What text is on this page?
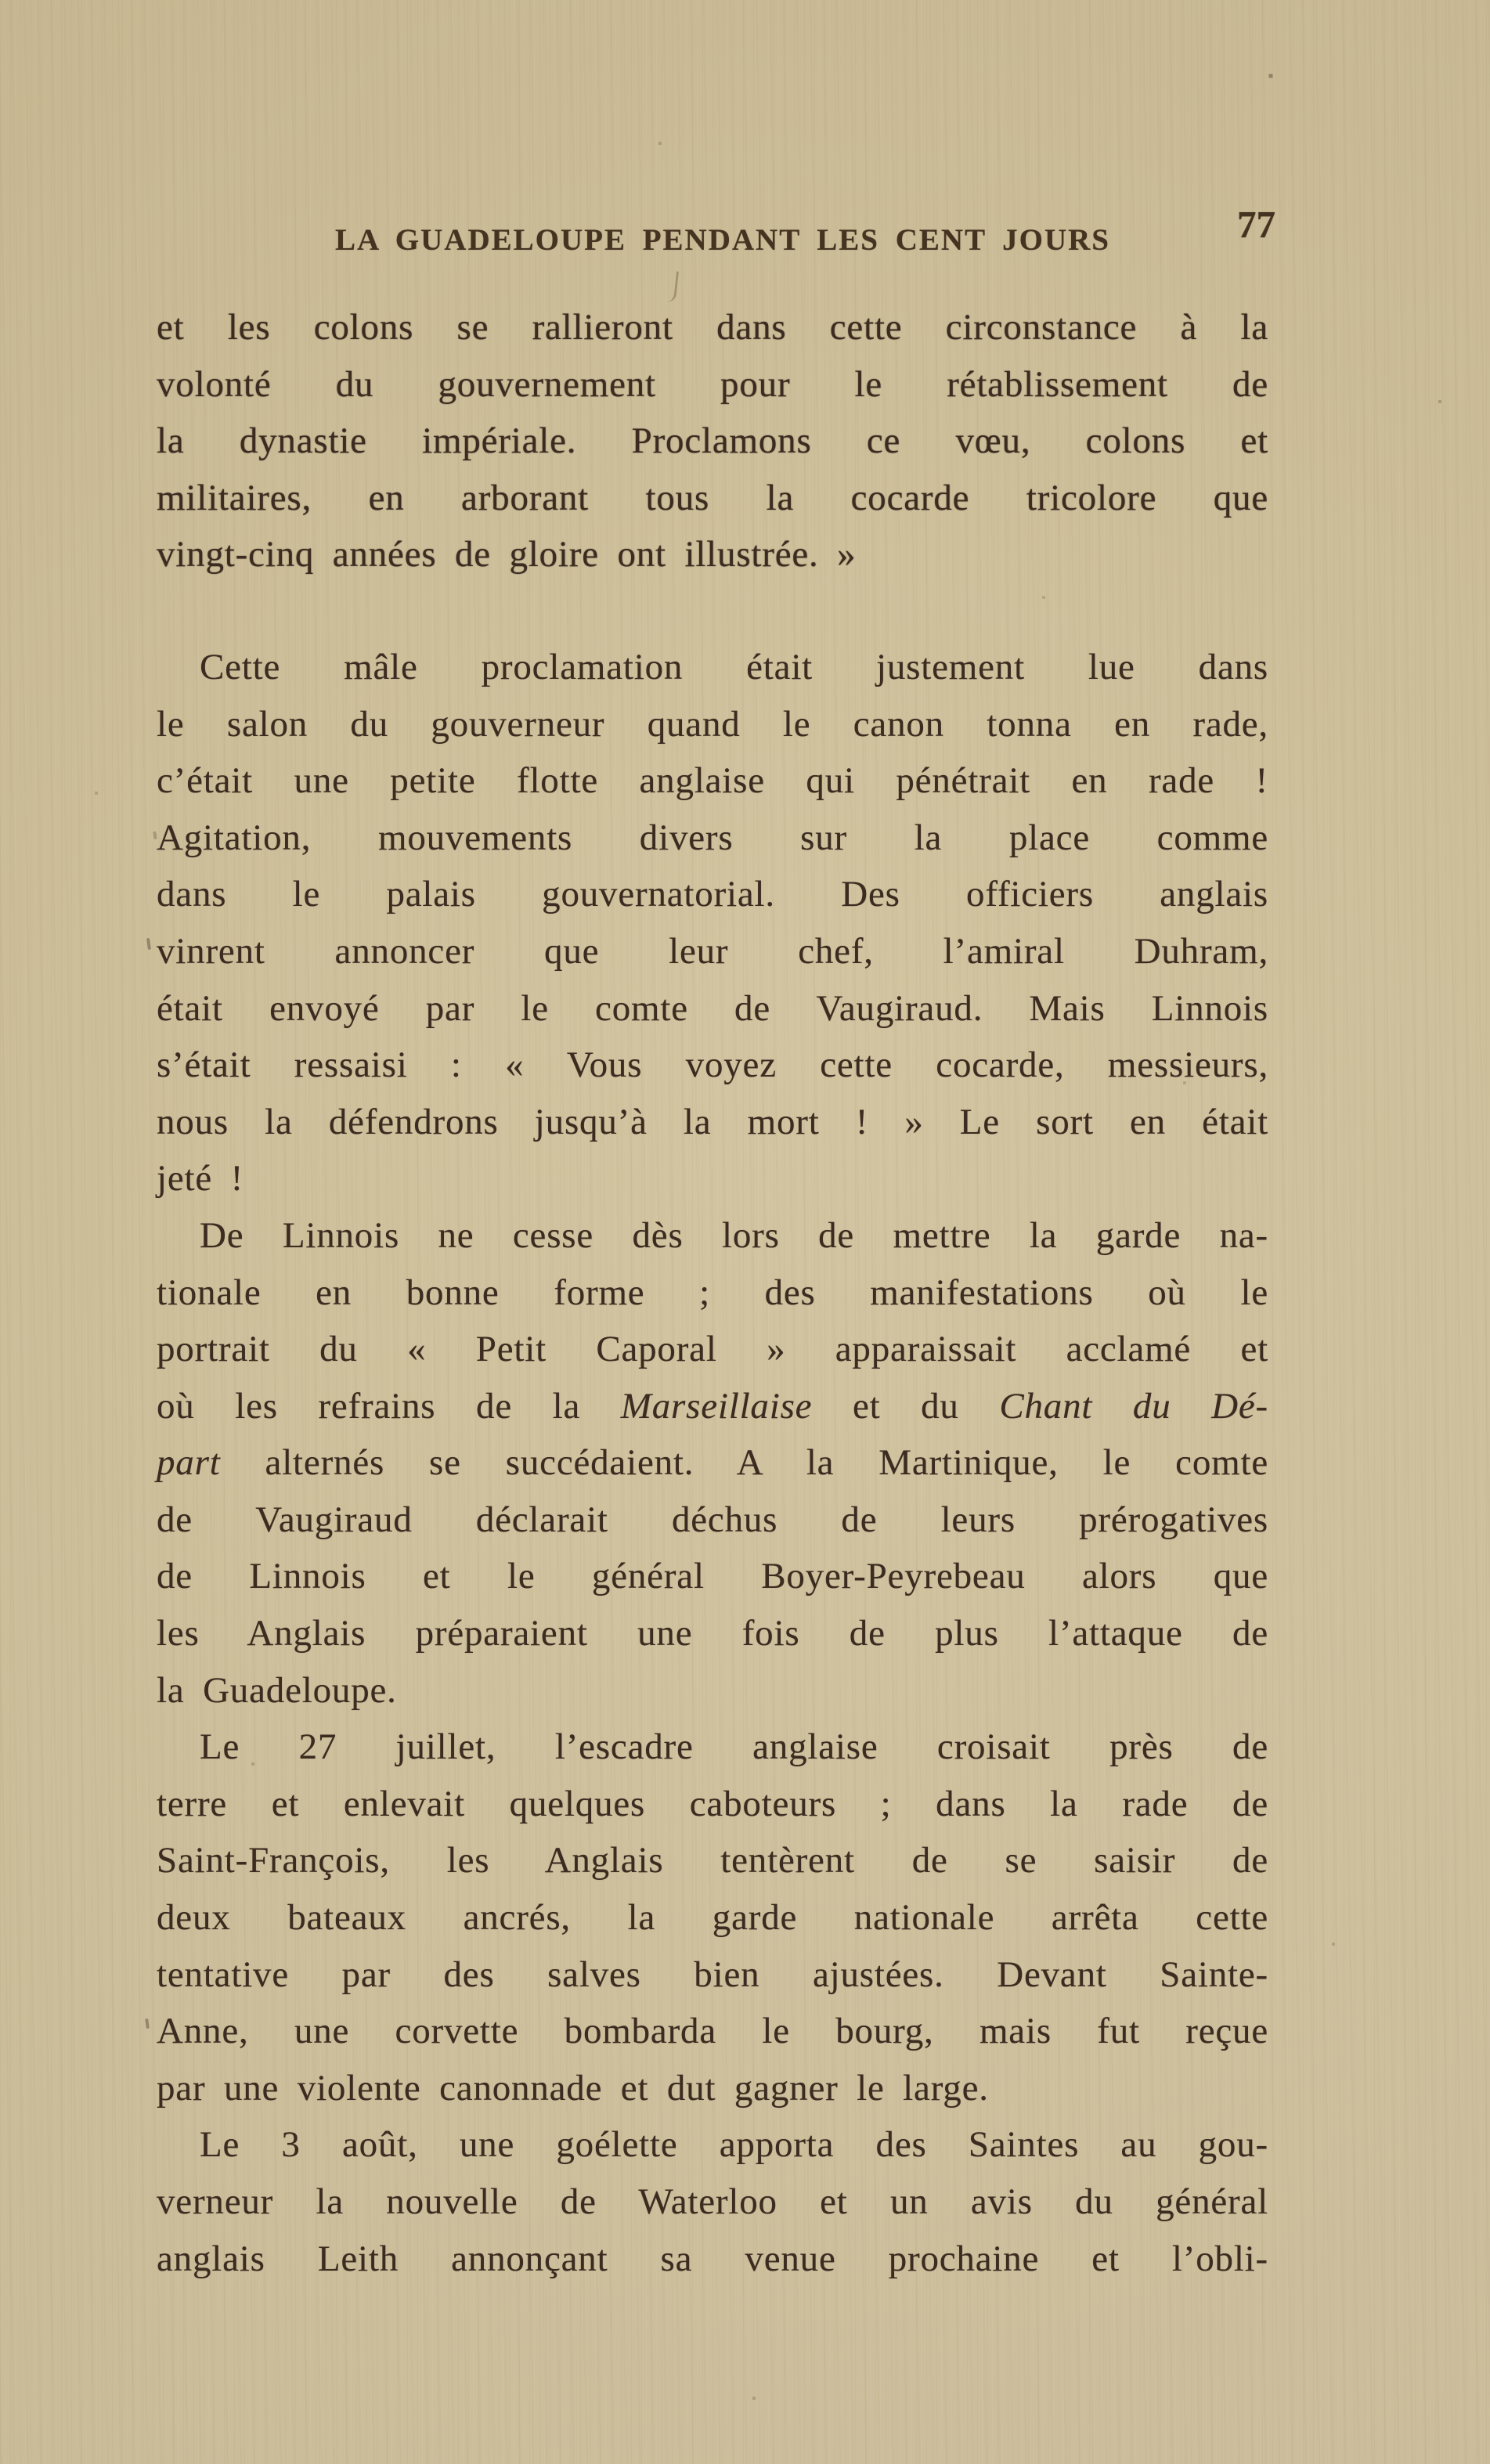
LA GUADELOUPE PENDANT LES CENT JOURS	77
et les colons se rallieront dans cette circonstance à la
volonté du gouvernement pour le rétablissement de
la dynastie impériale. Proclamons ce vœu, colons et
militaires, en arborant tous la cocarde tricolore que
vingt-cinq années de gloire ont illustrée. »
Cette mâle proclamation était justement lue dans
le salon du gouverneur quand le canon tonna en rade,
c’était une petite flotte anglaise qui pénétrait en rade !
Agitation, mouvements divers sur la place comme
dans le palais gouvernatorial. Des officiers anglais
vinrent annoncer que leur chef, l’amiral Duhram,
était envoyé par le comte de Vaugiraud. Mais Linnois
s’était ressaisi : « Vous voyez cette cocarde, messieurs,
nous la défendrons jusqu’à la mort ! » Le sort en était
jeté !
De Linnois ne cesse dès lors de mettre la garde na-
tionale en bonne forme ; des manifestations où le
portrait du « Petit Caporal » apparaissait acclamé et
où les refrains de la Marseillaise et du Chant du Dé-
part alternés se succédaient. A la Martinique, le comte
de Vaugiraud déclarait déchus de leurs prérogatives
de Linnois et le général Boyer-Peyrebeau alors que
les Anglais préparaient une fois de plus l’attaque de
la Guadeloupe.
Le 27 juillet, l’escadre anglaise croisait près de
terre et enlevait quelques caboteurs ; dans la rade de
Saint-François, les Anglais tentèrent de se saisir de
deux bateaux ancrés, la garde nationale arrêta cette
tentative par des salves bien ajustées. Devant Sainte-
Anne, une corvette bombarda le bourg, mais fut reçue
par une violente canonnade et dut gagner le large.
Le 3 août, une goélette apporta des Saintes au gou-
verneur la nouvelle de Waterloo et un avis du général
anglais Leith annonçant sa venue prochaine et l’obli-
